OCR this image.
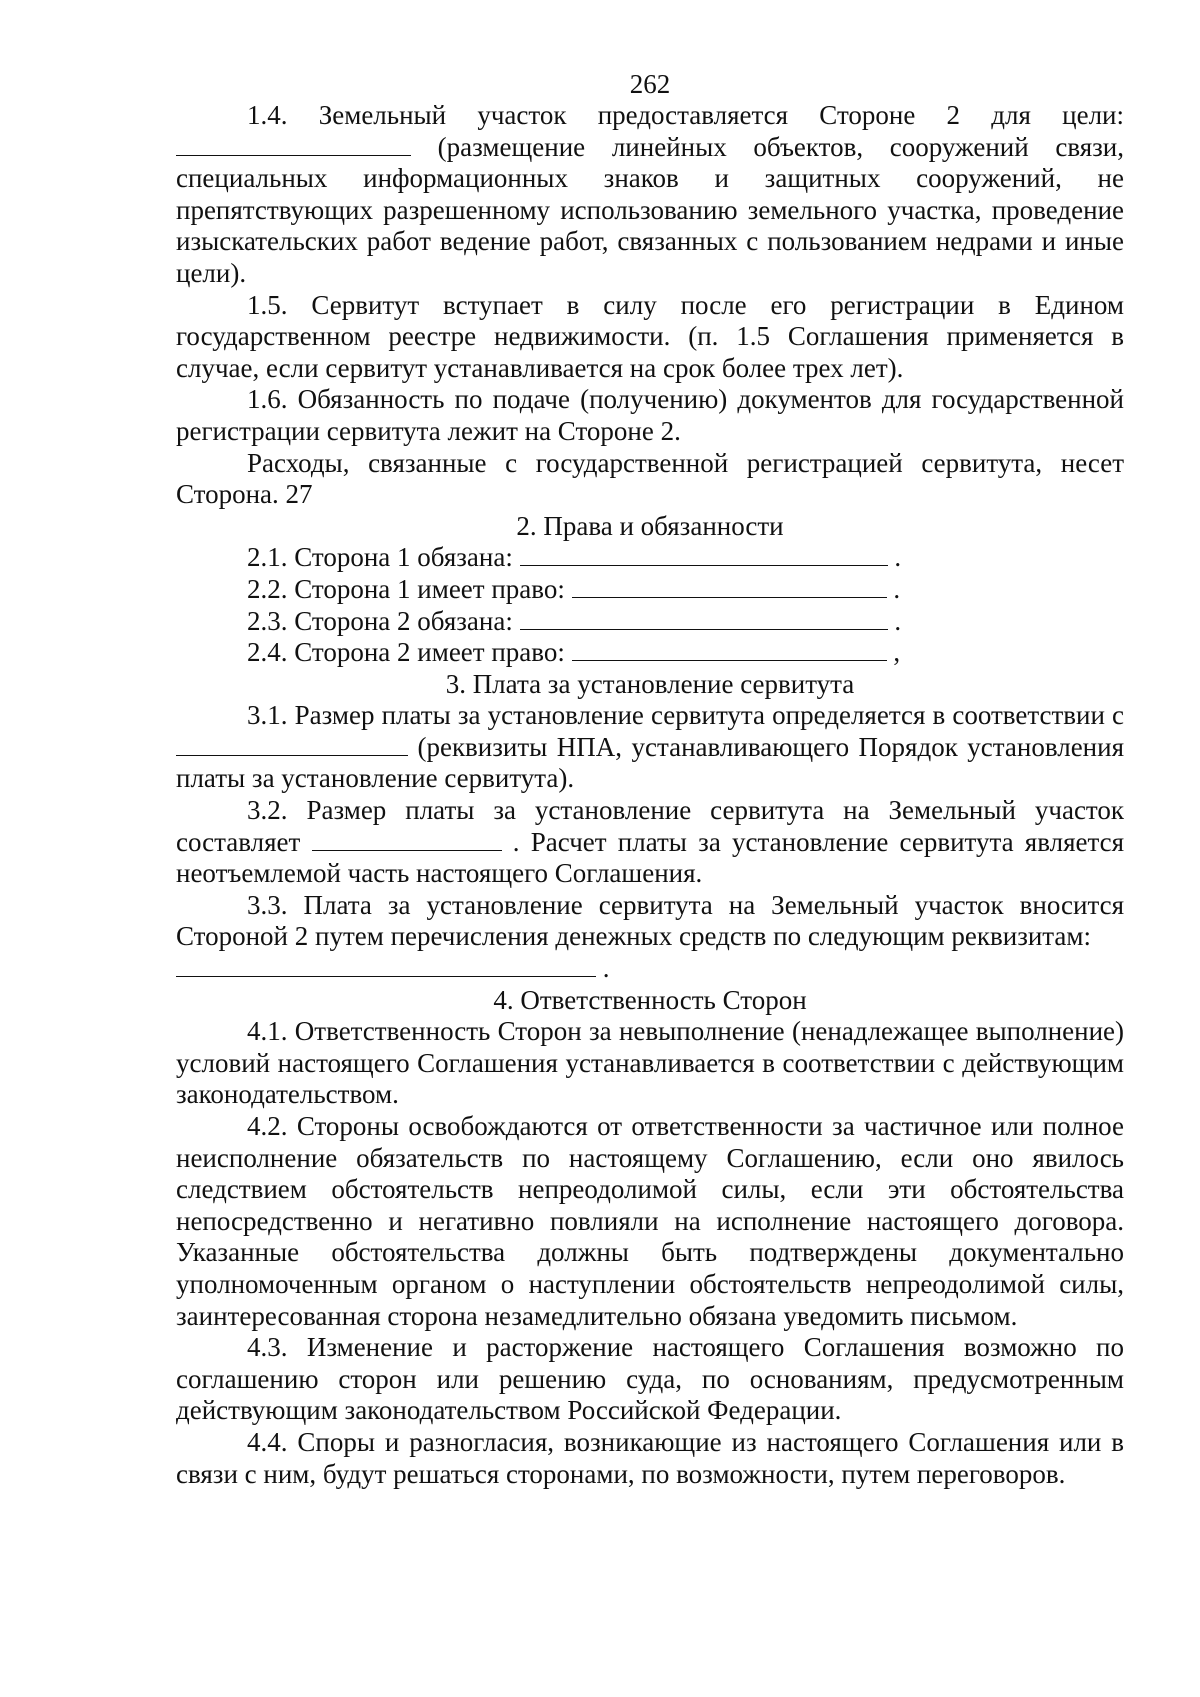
262

1.4. Земельный участок предоставляется Стороне 2 для цели:  (размещение линейных объектов, сооружений связи, специальных информационных знаков и защитных сооружений, не препятствующих разрешенному использованию земельного участка, проведение изыскательских работ ведение работ, связанных с пользованием недрами и иные цели).

1.5. Сервитут вступает в силу после его регистрации в Едином государственном реестре недвижимости. (п. 1.5 Соглашения применяется в случае, если сервитут устанавливается на срок более трех лет).

1.6. Обязанность по подаче (получению) документов для государственной регистрации сервитута лежит на Стороне 2.

Расходы, связанные с государственной регистрацией сервитута, несет Сторона. 27

2. Права и обязанности

2.1. Сторона 1 обязана:	.

2.2. Сторона 1 имеет право:	.

2.3. Сторона 2 обязана:	.

2.4. Сторона 2 имеет право:	,

3. Плата за установление сервитута

3.1. Размер платы за установление сервитута определяется в соответствии с  (реквизиты НПА, устанавливающего Порядок установления платы за установление сервитута).

3.2. Размер платы за установление сервитута на Земельный участок составляет	. Расчет платы за установление сервитута является неотъемлемой часть настоящего Соглашения.

3.3. Плата за установление сервитута на Земельный участок вносится Стороной 2 путем перечисления денежных средств по следующим реквизитам:

.

4. Ответственность Сторон

4.1. Ответственность Сторон за невыполнение (ненадлежащее выполнение) условий настоящего Соглашения устанавливается в соответствии с действующим законодательством.

4.2. Стороны освобождаются от ответственности за частичное или полное неисполнение обязательств по настоящему Соглашению, если оно явилось следствием обстоятельств непреодолимой силы, если эти обстоятельства непосредственно и негативно повлияли на исполнение настоящего договора. Указанные обстоятельства должны быть подтверждены документально уполномоченным органом о наступлении обстоятельств непреодолимой силы, заинтересованная сторона незамедлительно обязана уведомить письмом.

4.3. Изменение и расторжение настоящего Соглашения возможно по соглашению сторон или решению суда, по основаниям, предусмотренным действующим законодательством Российской Федерации.

4.4. Споры и разногласия, возникающие из настоящего Соглашения или в связи с ним, будут решаться сторонами, по возможности, путем переговоров.
